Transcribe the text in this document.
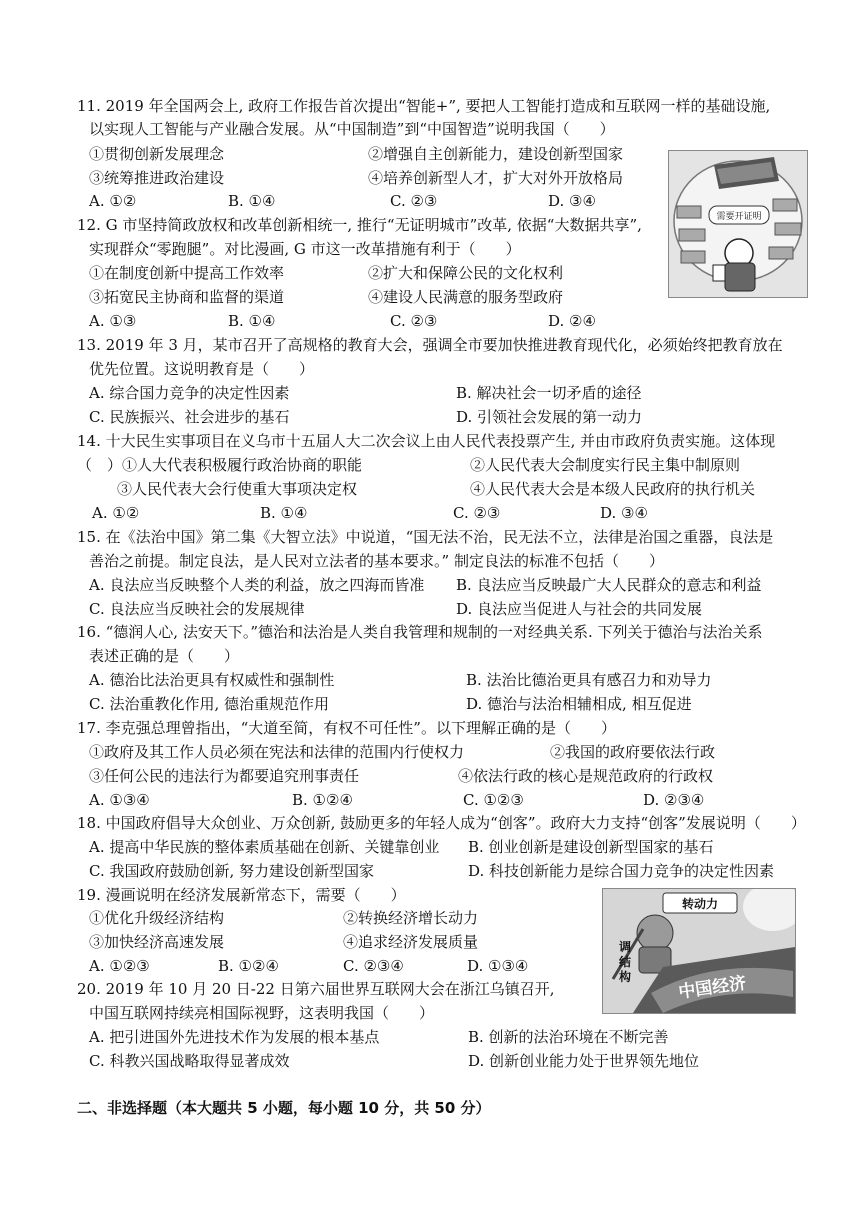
11. 2019 年全国两会上, 政府工作报告首次提出“智能+”, 要把人工智能打造成和互联网一样的基础设施,
以实现人工智能与产业融合发展。从“中国制造”到“中国智造”说明我国（　　）
①贯彻创新发展理念	②增强自主创新能力，建设创新型国家
③统筹推进政治建设	④培养创新型人才，扩大对外开放格局
A. ①②	B. ①④	C. ②③	D. ③④
需要开证明
12. G 市坚持简政放权和改革创新相统一, 推行“无证明城市”改革, 依据“大数据共享”,
实现群众“零跑腿”。对比漫画, G 市这一改革措施有利于（　　）
①在制度创新中提高工作效率	②扩大和保障公民的文化权利
③拓宽民主协商和监督的渠道	④建设人民满意的服务型政府
A. ①③	B. ①④	C. ②③	D. ②④
13. 2019 年 3 月，某市召开了高规格的教育大会，强调全市要加快推进教育现代化，必须始终把教育放在
优先位置。这说明教育是（　　）
A. 综合国力竞争的决定性因素	B. 解决社会一切矛盾的途径
C. 民族振兴、社会进步的基石	D. 引领社会发展的第一动力
14. 十大民生实事项目在义乌市十五届人大二次会议上由人民代表投票产生, 并由市政府负责实施。这体现
（　）①人大代表积极履行政治协商的职能	②人民代表大会制度实行民主集中制原则
③人民代表大会行使重大事项决定权	④人民代表大会是本级人民政府的执行机关
A. ①②	B. ①④	C. ②③	D. ③④
15. 在《法治中国》第二集《大智立法》中说道，“国无法不治，民无法不立，法律是治国之重器，良法是
善治之前提。制定良法，是人民对立法者的基本要求。” 制定良法的标准不包括（　　）
A. 良法应当反映整个人类的利益，放之四海而皆准 B. 良法应当反映最广大人民群众的意志和利益
C. 良法应当反映社会的发展规律	D. 良法应当促进人与社会的共同发展
16. “德润人心, 法安天下。”德治和法治是人类自我管理和规制的一对经典关系. 下列关于德治与法治关系
表述正确的是（　　）
A. 德治比法治更具有权威性和强制性	B. 法治比德治更具有感召力和劝导力
C. 法治重教化作用, 德治重规范作用	D. 德治与法治相辅相成, 相互促进
17. 李克强总理曾指出，“大道至简，有权不可任性”。以下理解正确的是（　　）
①政府及其工作人员必须在宪法和法律的范围内行使权力	②我国的政府要依法行政
③任何公民的违法行为都要追究刑事责任	④依法行政的核心是规范政府的行政权
A. ①③④	B. ①②④	C. ①②③	D. ②③④
18. 中国政府倡导大众创业、万众创新, 鼓励更多的年轻人成为“创客”。政府大力支持“创客”发展说明（　　）
A. 提高中华民族的整体素质基础在创新、关键靠创业 B. 创业创新是建设创新型国家的基石
C. 我国政府鼓励创新, 努力建设创新型国家	D. 科技创新能力是综合国力竞争的决定性因素
转动力
调结构	中国经济
19. 漫画说明在经济发展新常态下，需要（　　）
①优化升级经济结构	②转换经济增长动力
③加快经济高速发展	④追求经济发展质量
A. ①②③	B. ①②④	C. ②③④	D. ①③④
20. 2019 年 10 月 20 日-22 日第六届世界互联网大会在浙江乌镇召开,
中国互联网持续亮相国际视野，这表明我国（　　）
A. 把引进国外先进技术作为发展的根本基点	B. 创新的法治环境在不断完善
C. 科教兴国战略取得显著成效	D. 创新创业能力处于世界领先地位
二、非选择题（本大题共 5 小题，每小题 10 分，共 50 分）
